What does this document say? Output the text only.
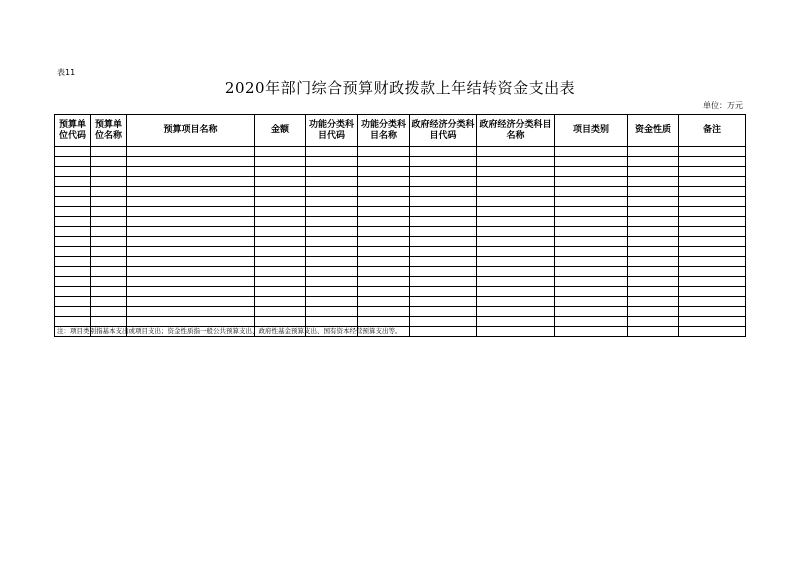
表11
2020年部门综合预算财政拨款上年结转资金支出表
单位：万元
预算单位代码	预算单位名称	预算项目名称	金额	功能分类科目代码	功能分类科目名称	政府经济分类科目代码	政府经济分类科目名称	项目类别	资金性质	备注

注：项目类别指基本支出或项目支出；资金性质指一般公共预算支出、政府性基金预算支出、国有资本经营预算支出等。
